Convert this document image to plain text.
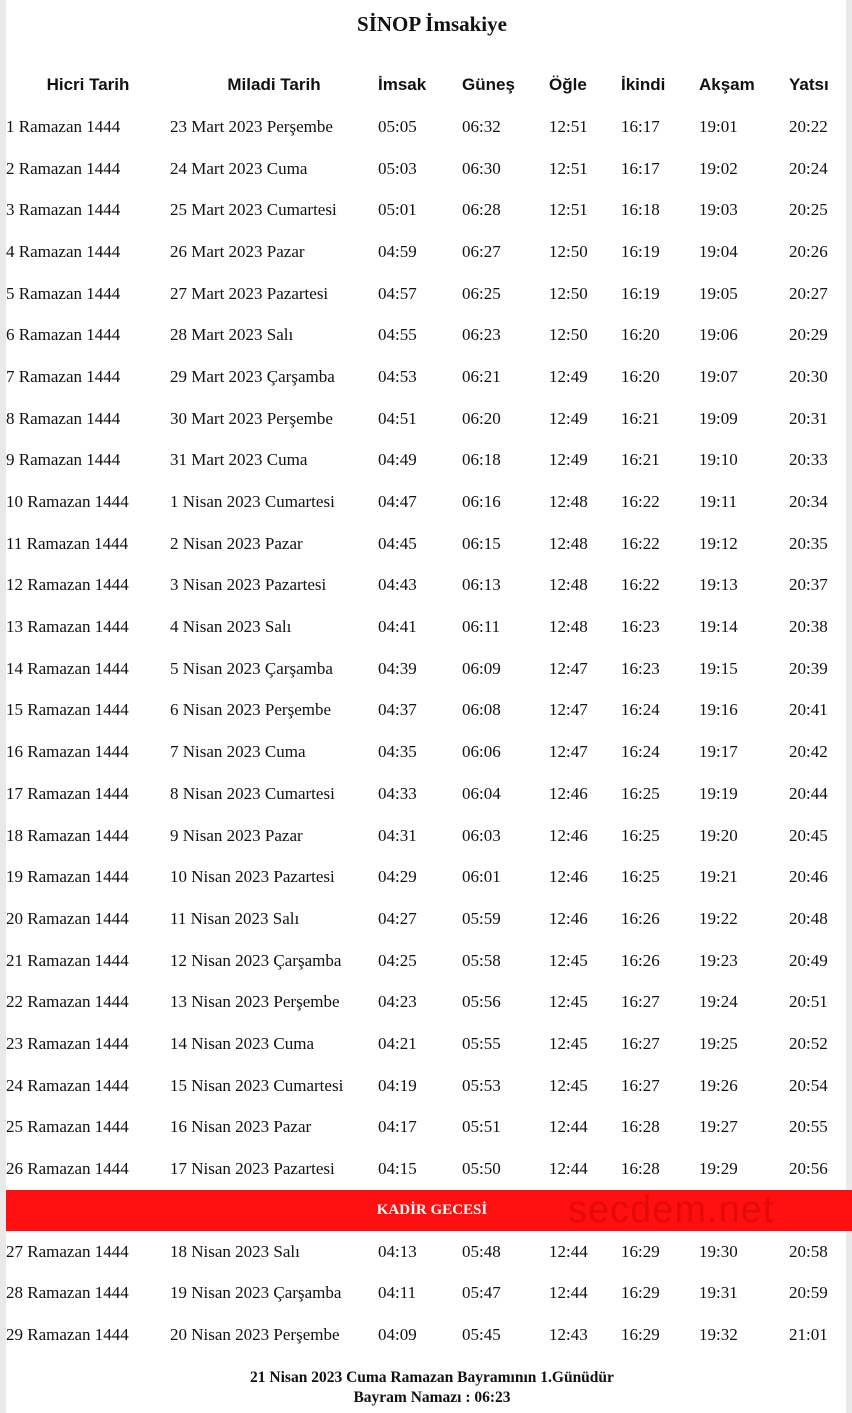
SİNOP İmsakiye
Hicri Tarih	Miladi Tarih	İmsak	Güneş	Öğle	İkindi	Akşam	Yatsı
1 Ramazan 1444	23 Mart 2023 Perşembe	05:05	06:32	12:51	16:17	19:01	20:22
2 Ramazan 1444	24 Mart 2023 Cuma	05:03	06:30	12:51	16:17	19:02	20:24
3 Ramazan 1444	25 Mart 2023 Cumartesi	05:01	06:28	12:51	16:18	19:03	20:25
4 Ramazan 1444	26 Mart 2023 Pazar	04:59	06:27	12:50	16:19	19:04	20:26
5 Ramazan 1444	27 Mart 2023 Pazartesi	04:57	06:25	12:50	16:19	19:05	20:27
6 Ramazan 1444	28 Mart 2023 Salı	04:55	06:23	12:50	16:20	19:06	20:29
7 Ramazan 1444	29 Mart 2023 Çarşamba	04:53	06:21	12:49	16:20	19:07	20:30
8 Ramazan 1444	30 Mart 2023 Perşembe	04:51	06:20	12:49	16:21	19:09	20:31
9 Ramazan 1444	31 Mart 2023 Cuma	04:49	06:18	12:49	16:21	19:10	20:33
10 Ramazan 1444	1 Nisan 2023 Cumartesi	04:47	06:16	12:48	16:22	19:11	20:34
11 Ramazan 1444	2 Nisan 2023 Pazar	04:45	06:15	12:48	16:22	19:12	20:35
12 Ramazan 1444	3 Nisan 2023 Pazartesi	04:43	06:13	12:48	16:22	19:13	20:37
13 Ramazan 1444	4 Nisan 2023 Salı	04:41	06:11	12:48	16:23	19:14	20:38
14 Ramazan 1444	5 Nisan 2023 Çarşamba	04:39	06:09	12:47	16:23	19:15	20:39
15 Ramazan 1444	6 Nisan 2023 Perşembe	04:37	06:08	12:47	16:24	19:16	20:41
16 Ramazan 1444	7 Nisan 2023 Cuma	04:35	06:06	12:47	16:24	19:17	20:42
17 Ramazan 1444	8 Nisan 2023 Cumartesi	04:33	06:04	12:46	16:25	19:19	20:44
18 Ramazan 1444	9 Nisan 2023 Pazar	04:31	06:03	12:46	16:25	19:20	20:45
19 Ramazan 1444	10 Nisan 2023 Pazartesi	04:29	06:01	12:46	16:25	19:21	20:46
20 Ramazan 1444	11 Nisan 2023 Salı	04:27	05:59	12:46	16:26	19:22	20:48
21 Ramazan 1444	12 Nisan 2023 Çarşamba	04:25	05:58	12:45	16:26	19:23	20:49
22 Ramazan 1444	13 Nisan 2023 Perşembe	04:23	05:56	12:45	16:27	19:24	20:51
23 Ramazan 1444	14 Nisan 2023 Cuma	04:21	05:55	12:45	16:27	19:25	20:52
24 Ramazan 1444	15 Nisan 2023 Cumartesi	04:19	05:53	12:45	16:27	19:26	20:54
25 Ramazan 1444	16 Nisan 2023 Pazar	04:17	05:51	12:44	16:28	19:27	20:55
26 Ramazan 1444	17 Nisan 2023 Pazartesi	04:15	05:50	12:44	16:28	19:29	20:56
KADİR GECESİ							
27 Ramazan 1444	18 Nisan 2023 Salı	04:13	05:48	12:44	16:29	19:30	20:58
28 Ramazan 1444	19 Nisan 2023 Çarşamba	04:11	05:47	12:44	16:29	19:31	20:59
29 Ramazan 1444	20 Nisan 2023 Perşembe	04:09	05:45	12:43	16:29	19:32	21:01
secdem.net
21 Nisan 2023 Cuma Ramazan Bayramının 1.Günüdür
Bayram Namazı : 06:23
